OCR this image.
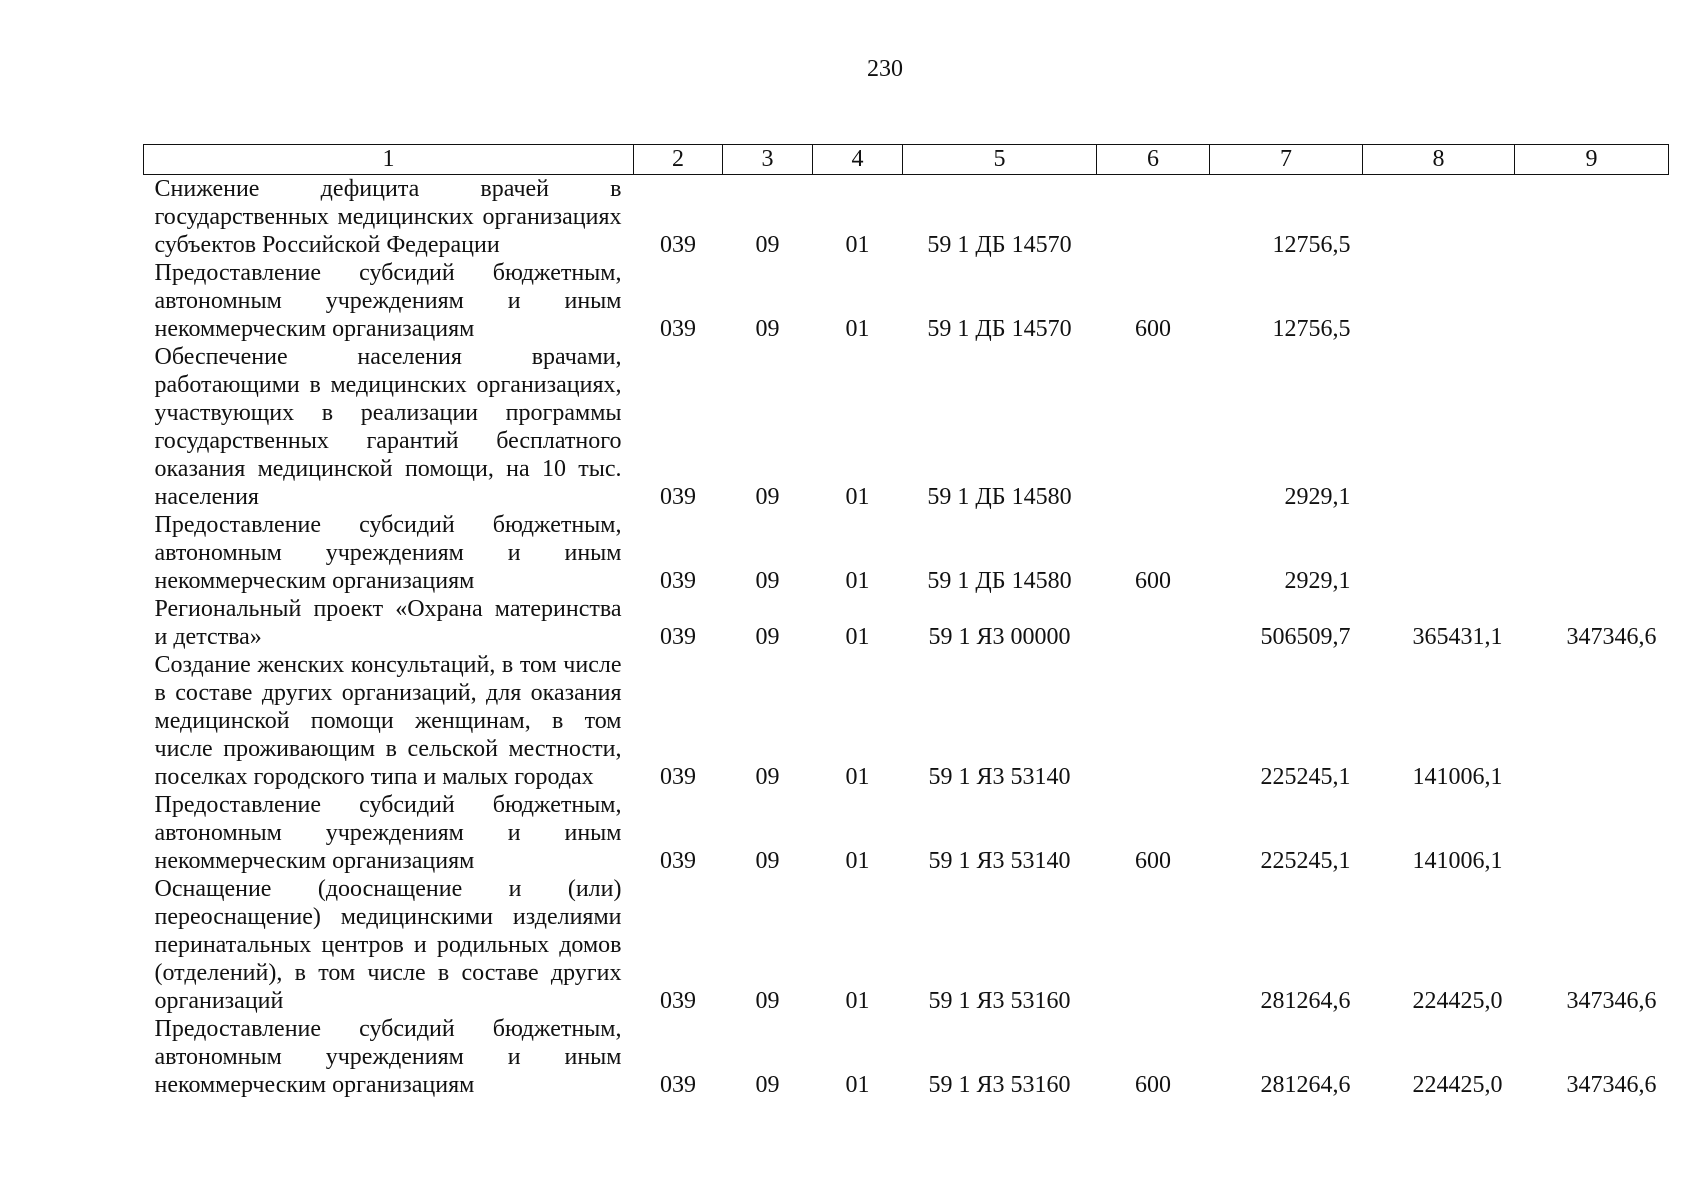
230
1	2	3	4	5	6	7	8	9
Снижение дефицита врачей в государственных медицинских организациях субъектов Российской Федерации	039	09	01	59 1 ДБ 14570		12756,5		
Предоставление субсидий бюджетным, автономным учреждениям и иным некоммерческим организациям	039	09	01	59 1 ДБ 14570	600	12756,5		
Обеспечение населения врачами, работающими в медицинских организациях, участвующих в реализации программы государственных гарантий бесплатного оказания медицинской помощи, на 10 тыс. населения	039	09	01	59 1 ДБ 14580		2929,1		
Предоставление субсидий бюджетным, автономным учреждениям и иным некоммерческим организациям	039	09	01	59 1 ДБ 14580	600	2929,1		
Региональный проект «Охрана материнства и детства»	039	09	01	59 1 Я3 00000		506509,7	365431,1	347346,6
Создание женских консультаций, в том числе в составе других организаций, для оказания медицинской помощи женщинам, в том числе проживающим в сельской местности, поселках городского типа и малых городах	039	09	01	59 1 Я3 53140		225245,1	141006,1	
Предоставление субсидий бюджетным, автономным учреждениям и иным некоммерческим организациям	039	09	01	59 1 Я3 53140	600	225245,1	141006,1	
Оснащение (дооснащение и (или) переоснащение) медицинскими изделиями перинатальных центров и родильных домов (отделений), в том числе в составе других организаций	039	09	01	59 1 Я3 53160		281264,6	224425,0	347346,6
Предоставление субсидий бюджетным, автономным учреждениям и иным некоммерческим организациям	039	09	01	59 1 Я3 53160	600	281264,6	224425,0	347346,6
